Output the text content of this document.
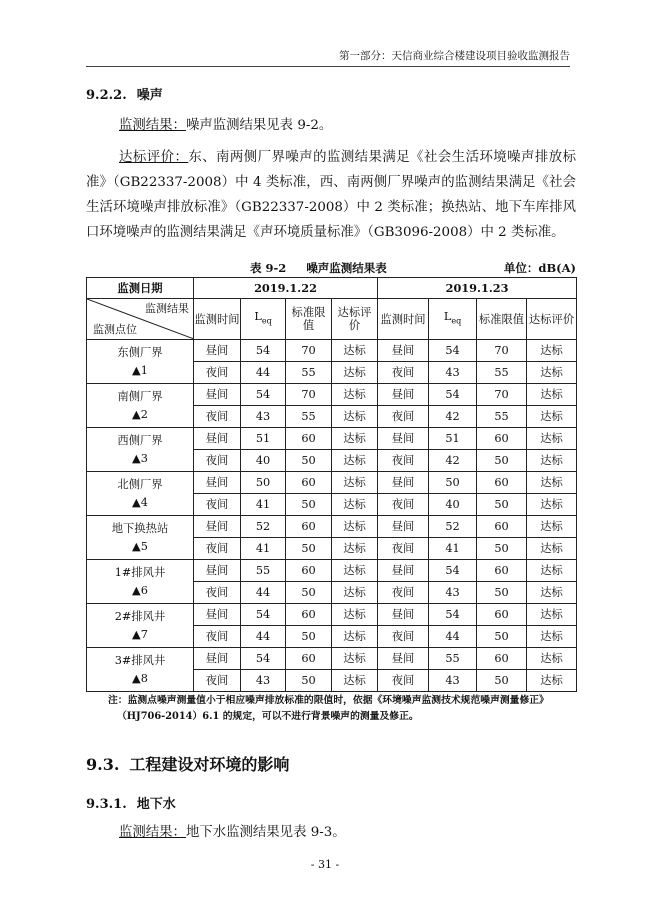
第一部分：天信商业综合楼建设项目验收监测报告
9.2.2. 噪声
监测结果：噪声监测结果见表 9-2。
达标评价：东、南两侧厂界噪声的监测结果满足《社会生活环境噪声排放标准》（GB22337-2008）中 4 类标准，西、南两侧厂界噪声的监测结果满足《社会生活环境噪声排放标准》（GB22337-2008）中 2 类标准；换热站、地下车库排风口环境噪声的监测结果满足《声环境质量标准》（GB3096-2008）中 2 类标准。
表 9-2 噪声监测结果表	单位：dB(A)
监测日期	2019.1.22				2019.1.23			

监测结果
监测点位	监测时间	$L_{eq}$	标准限值	达标评价	监测时间	$L_{eq}$	标准限值	达标评价

东侧厂界
▲1	昼间	54	70	达标	昼间	54	70	达标
	夜间	44	55	达标	夜间	43	55	达标

南侧厂界
▲2	昼间	54	70	达标	昼间	54	70	达标
	夜间	43	55	达标	夜间	42	55	达标

西侧厂界
▲3	昼间	51	60	达标	昼间	51	60	达标
	夜间	40	50	达标	夜间	42	50	达标

北侧厂界
▲4	昼间	50	60	达标	昼间	50	60	达标
	夜间	41	50	达标	夜间	40	50	达标

地下换热站
▲5	昼间	52	60	达标	昼间	52	60	达标
	夜间	41	50	达标	夜间	41	50	达标

1#排风井
▲6	昼间	55	60	达标	昼间	54	60	达标
	夜间	44	50	达标	夜间	43	50	达标

2#排风井
▲7	昼间	54	60	达标	昼间	54	60	达标
	夜间	44	50	达标	夜间	44	50	达标

3#排风井
▲8	昼间	54	60	达标	昼间	55	60	达标
	夜间	43	50	达标	夜间	43	50	达标
注：监测点噪声测量值小于相应噪声排放标准的限值时，依据《环境噪声监测技术规范噪声测量修正》
（HJ706-2014）6.1 的规定，可以不进行背景噪声的测量及修正。
9.3. 工程建设对环境的影响
9.3.1. 地下水
监测结果：地下水监测结果见表 9-3。
- 31 -
